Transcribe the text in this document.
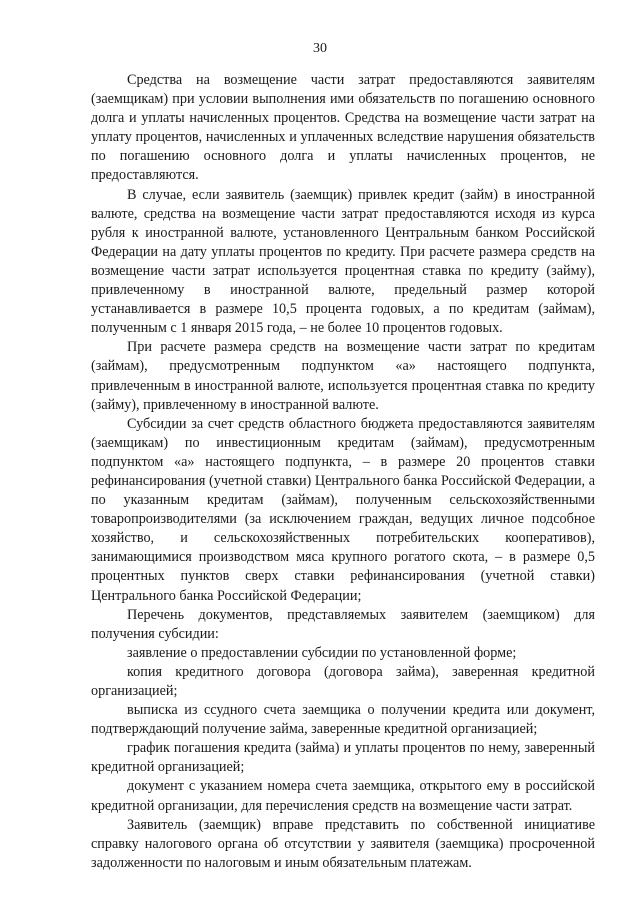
30

Средства на возмещение части затрат предоставляются заявителям (заемщикам) при условии выполнения ими обязательств по погашению основного долга и уплаты начисленных процентов. Средства на возмещение части затрат на уплату процентов, начисленных и уплаченных вследствие нарушения обязательств по погашению основного долга и уплаты начисленных процентов, не предоставляются.

В случае, если заявитель (заемщик) привлек кредит (займ) в иностранной валюте, средства на возмещение части затрат предоставляются исходя из курса рубля к иностранной валюте, установленного Центральным банком Российской Федерации на дату уплаты процентов по кредиту. При расчете размера средств на возмещение части затрат используется процентная ставка по кредиту (займу), привлеченному в иностранной валюте, предельный размер которой устанавливается в размере 10,5 процента годовых, а по кредитам (займам), полученным с 1 января 2015 года, – не более 10 процентов годовых.

При расчете размера средств на возмещение части затрат по кредитам (займам), предусмотренным подпунктом «а» настоящего подпункта, привлеченным в иностранной валюте, используется процентная ставка по кредиту (займу), привлеченному в иностранной валюте.

Субсидии за счет средств областного бюджета предоставляются заявителям (заемщикам) по инвестиционным кредитам (займам), предусмотренным подпунктом «а» настоящего подпункта, – в размере 20 процентов ставки рефинансирования (учетной ставки) Центрального банка Российской Федерации, а по указанным кредитам (займам), полученным сельскохозяйственными товаропроизводителями (за исключением граждан, ведущих личное подсобное хозяйство, и сельскохозяйственных потребительских кооперативов), занимающимися производством мяса крупного рогатого скота, – в размере 0,5 процентных пунктов сверх ставки рефинансирования (учетной ставки) Центрального банка Российской Федерации;

Перечень документов, представляемых заявителем (заемщиком) для получения субсидии:

заявление о предоставлении субсидии по установленной форме;

копия кредитного договора (договора займа), заверенная кредитной организацией;

выписка из ссудного счета заемщика о получении кредита или документ, подтверждающий получение займа, заверенные кредитной организацией;

график погашения кредита (займа) и уплаты процентов по нему, заверенный кредитной организацией;

документ с указанием номера счета заемщика, открытого ему в российской кредитной организации, для перечисления средств на возмещение части затрат.

Заявитель (заемщик) вправе представить по собственной инициативе справку налогового органа об отсутствии у заявителя (заемщика) просроченной задолженности по налоговым и иным обязательным платежам.
